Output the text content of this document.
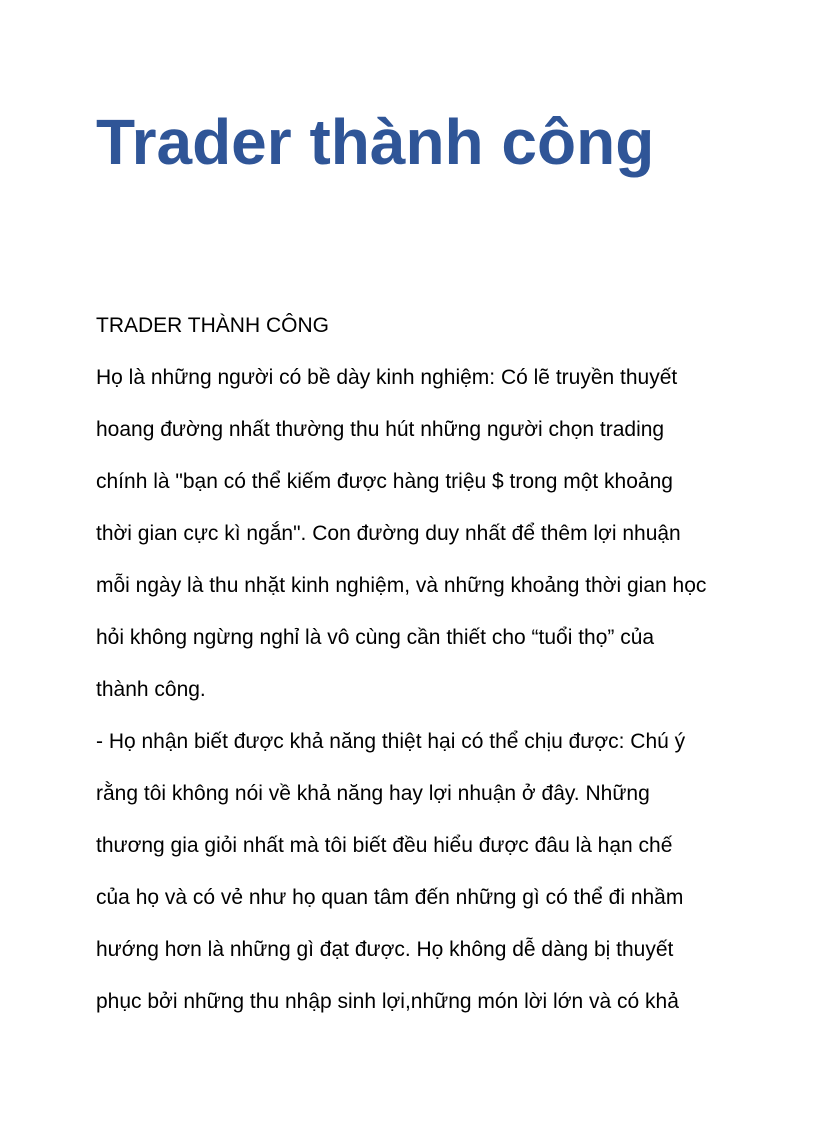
Trader thành công
TRADER THÀNH CÔNG
Họ là những người có bề dày kinh nghiệm: Có lẽ truyền thuyết
hoang đường nhất thường thu hút những người chọn trading
chính là "bạn có thể kiếm được hàng triệu $ trong một khoảng
thời gian cực kì ngắn". Con đường duy nhất để thêm lợi nhuận
mỗi ngày là thu nhặt kinh nghiệm, và những khoảng thời gian học
hỏi không ngừng nghỉ là vô cùng cần thiết cho “tuổi thọ” của
thành công.
- Họ nhận biết được khả năng thiệt hại có thể chịu được: Chú ý
rằng tôi không nói về khả năng hay lợi nhuận ở đây. Những
thương gia giỏi nhất mà tôi biết đều hiểu được đâu là hạn chế
của họ và có vẻ như họ quan tâm đến những gì có thể đi nhầm
hướng hơn là những gì đạt được. Họ không dễ dàng bị thuyết
phục bởi những thu nhập sinh lợi,những món lời lớn và có khả
